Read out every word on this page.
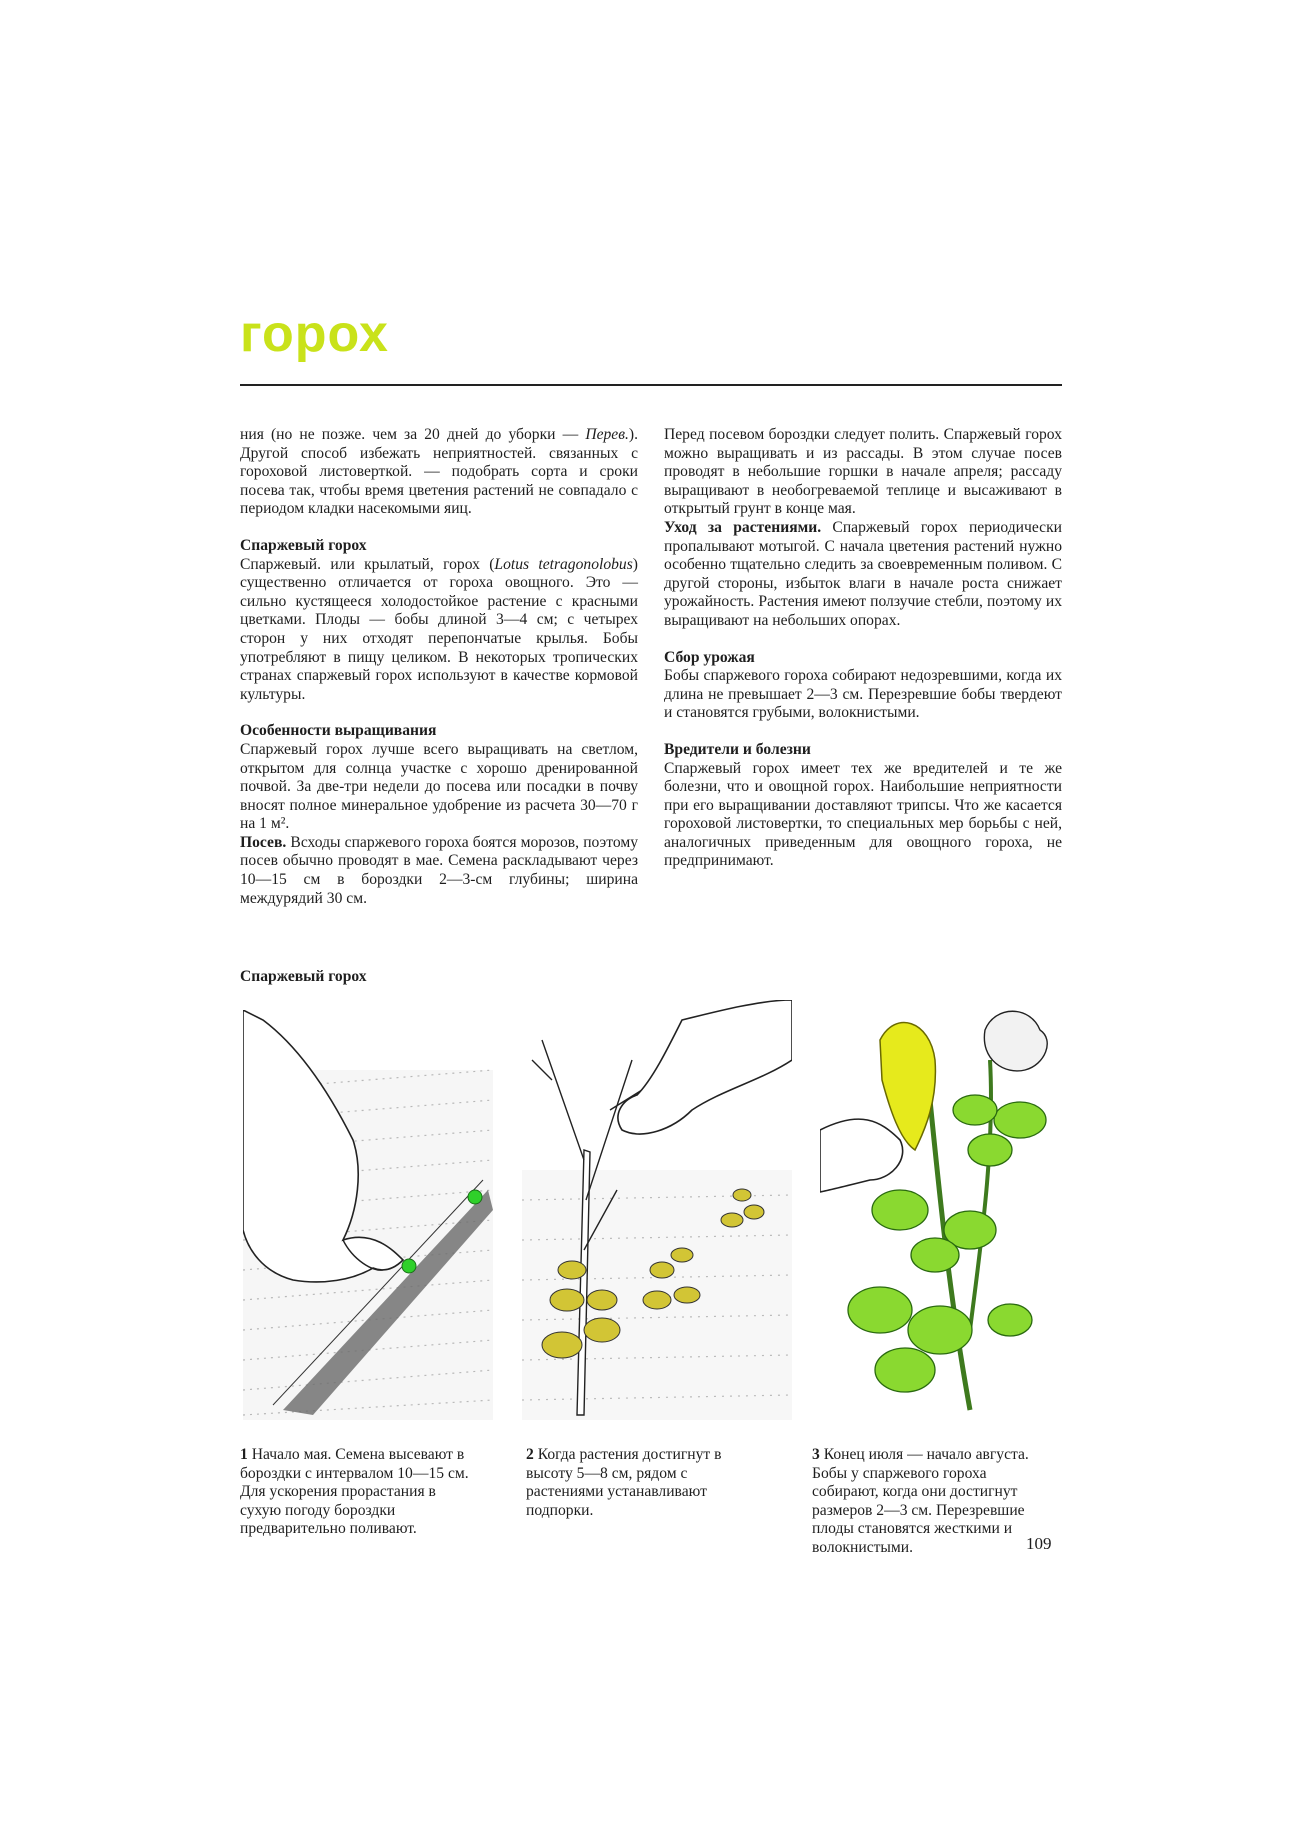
горох

ния (но не позже. чем за 20 дней до уборки — Перев.). Другой способ избежать неприятностей. связанных с гороховой листоверткой. — подобрать сорта и сроки посева так, чтобы время цветения растений не совпадало с периодом кладки насекомыми яиц.

Спаржевый горох

Спаржевый. или крылатый, горох (Lotus tetragonolobus) существенно отличается от гороха овощного. Это — сильно кустящееся холодостойкое растение с красными цветками. Плоды — бобы длиной 3—4 см; с четырех сторон у них отходят перепончатые крылья. Бобы употребляют в пищу целиком. В некоторых тропических странах спаржевый горох используют в качестве кормовой культуры.

Особенности выращивания

Спаржевый горох лучше всего выращивать на светлом, открытом для солнца участке с хорошо дренированной почвой. За две-три недели до посева или посадки в почву вносят полное минеральное удобрение из расчета 30—70 г на 1 м².

Посев. Всходы спаржевого гороха боятся морозов, поэтому посев обычно проводят в мае. Семена раскладывают через 10—15 см в бороздки 2—3-см глубины; ширина междурядий 30 см.

Перед посевом бороздки следует полить. Спаржевый горох можно выращивать и из рассады. В этом случае посев проводят в небольшие горшки в начале апреля; рассаду выращивают в необогреваемой теплице и высаживают в открытый грунт в конце мая.

Уход за растениями. Спаржевый горох периодически пропалывают мотыгой. С начала цветения растений нужно особенно тщательно следить за своевременным поливом. С другой стороны, избыток влаги в начале роста снижает урожайность. Растения имеют ползучие стебли, поэтому их выращивают на небольших опорах.

Сбор урожая

Бобы спаржевого гороха собирают недозревшими, когда их длина не превышает 2—3 см. Перезревшие бобы твердеют и становятся грубыми, волокнистыми.

Вредители и болезни

Спаржевый горох имеет тех же вредителей и те же болезни, что и овощной горох. Наибольшие неприятности при его выращивании доставляют трипсы. Что же касается гороховой листовертки, то специальных мер борьбы с ней, аналогичных приведенным для овощного гороха, не предпринимают.

Спаржевый горох
1 Начало мая. Семена высевают в бороздки с интервалом 10—15 см. Для ускорения прорастания в сухую погоду бороздки предварительно поливают.
2 Когда растения достигнут в высоту 5—8 см, рядом с растениями устанавливают подпорки.
3 Конец июля — начало августа. Бобы у спаржевого гороха собирают, когда они достигнут размеров 2—3 см. Перезревшие плоды становятся жесткими и волокнистыми.	109
